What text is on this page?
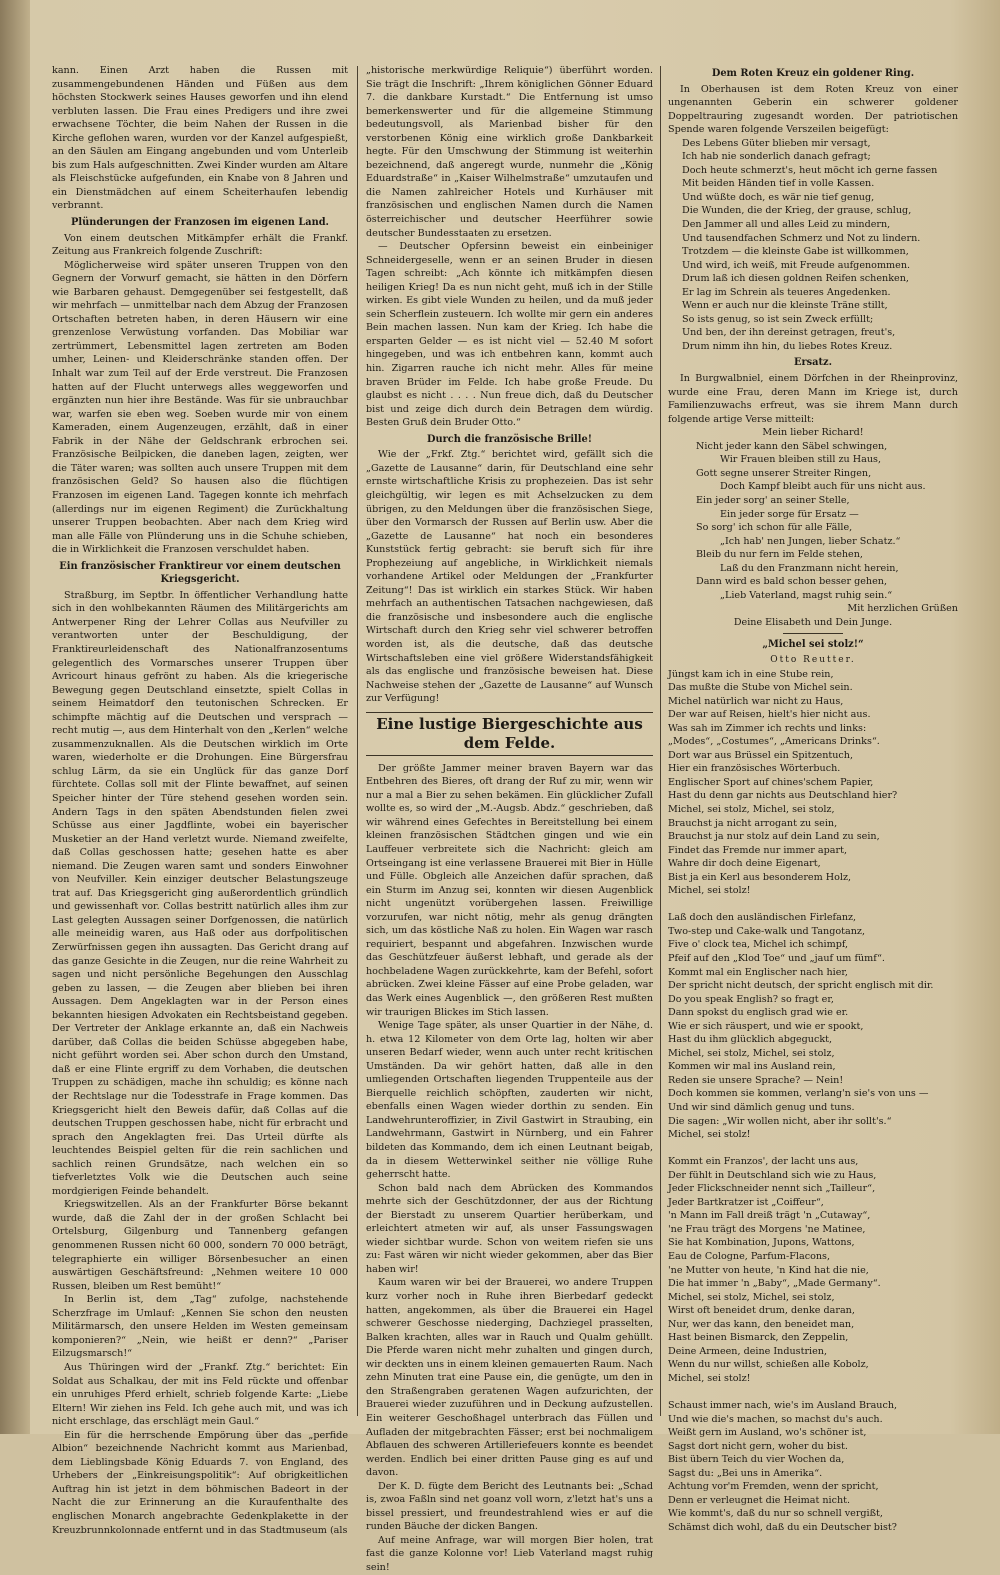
kann. Einen Arzt haben die Russen mit zusammengebundenen Händen und Füßen aus dem höchsten Stockwerk seines Hauses geworfen und ihn elend verbluten lassen. Die Frau eines Predigers und ihre zwei erwachsene Töchter, die beim Nahen der Russen in die Kirche geflohen waren, wurden vor der Kanzel aufgespießt, an den Säulen am Eingang angebunden und vom Unterleib bis zum Hals aufgeschnitten. Zwei Kinder wurden am Altare als Fleischstücke aufgefunden, ein Knabe von 8 Jahren und ein Dienstmädchen auf einem Scheiterhaufen lebendig verbrannt.

Plünderungen der Franzosen im eigenen Land.

Von einem deutschen Mitkämpfer erhält die Frankf. Zeitung aus Frankreich folgende Zuschrift:

Möglicherweise wird später unseren Truppen von den Gegnern der Vorwurf gemacht, sie hätten in den Dörfern wie Barbaren gehaust. Demgegenüber sei festgestellt, daß wir mehrfach — unmittelbar nach dem Abzug der Franzosen Ortschaften betreten haben, in deren Häusern wir eine grenzenlose Verwüstung vorfanden. Das Mobiliar war zertrümmert, Lebensmittel lagen zertreten am Boden umher, Leinen- und Kleiderschränke standen offen. Der Inhalt war zum Teil auf der Erde verstreut. Die Franzosen hatten auf der Flucht unterwegs alles weggeworfen und ergänzten nun hier ihre Bestände. Was für sie unbrauchbar war, warfen sie eben weg. Soeben wurde mir von einem Kameraden, einem Augenzeugen, erzählt, daß in einer Fabrik in der Nähe der Geldschrank erbrochen sei. Französische Beilpicken, die daneben lagen, zeigten, wer die Täter waren; was sollten auch unsere Truppen mit dem französischen Geld? So hausen also die flüchtigen Franzosen im eigenen Land. Tagegen konnte ich mehrfach (allerdings nur im eigenen Regiment) die Zurückhaltung unserer Truppen beobachten. Aber nach dem Krieg wird man alle Fälle von Plünderung uns in die Schuhe schieben, die in Wirklichkeit die Franzosen verschuldet haben.

Ein französischer Franktireur vor einem deutschen Kriegsgericht.

Straßburg, im Septbr. In öffentlicher Verhandlung hatte sich in den wohlbekannten Räumen des Militärgerichts am Antwerpener Ring der Lehrer Collas aus Neufviller zu verantworten unter der Beschuldigung, der Franktireurleidenschaft des Nationalfranzosentums gelegentlich des Vormarsches unserer Truppen über Avricourt hinaus gefrönt zu haben. Als die kriegerische Bewegung gegen Deutschland einsetzte, spielt Collas in seinem Heimatdorf den teutonischen Schrecken. Er schimpfte mächtig auf die Deutschen und versprach — recht mutig —, aus dem Hinterhalt von den „Kerlen“ welche zusammenzuknallen. Als die Deutschen wirklich im Orte waren, wiederholte er die Drohungen. Eine Bürgersfrau schlug Lärm, da sie ein Unglück für das ganze Dorf fürchtete. Collas soll mit der Flinte bewaffnet, auf seinen Speicher hinter der Türe stehend gesehen worden sein. Andern Tags in den späten Abendstunden fielen zwei Schüsse aus einer Jagdflinte, wobei ein bayerischer Musketier an der Hand verletzt wurde. Niemand zweifelte, daß Collas geschossen hatte; gesehen hatte es aber niemand. Die Zeugen waren samt und sonders Einwohner von Neufviller. Kein einziger deutscher Belastungszeuge trat auf. Das Kriegsgericht ging außerordentlich gründlich und gewissenhaft vor. Collas bestritt natürlich alles ihm zur Last gelegten Aussagen seiner Dorfgenossen, die natürlich alle meineidig waren, aus Haß oder aus dorfpolitischen Zerwürfnissen gegen ihn aussagten. Das Gericht drang auf das ganze Gesichte in die Zeugen, nur die reine Wahrheit zu sagen und nicht persönliche Begehungen den Ausschlag geben zu lassen, — die Zeugen aber blieben bei ihren Aussagen. Dem Angeklagten war in der Person eines bekannten hiesigen Advokaten ein Rechtsbeistand gegeben. Der Vertreter der Anklage erkannte an, daß ein Nachweis darüber, daß Collas die beiden Schüsse abgegeben habe, nicht geführt worden sei. Aber schon durch den Umstand, daß er eine Flinte ergriff zu dem Vorhaben, die deutschen Truppen zu schädigen, mache ihn schuldig; es könne nach der Rechtslage nur die Todesstrafe in Frage kommen. Das Kriegsgericht hielt den Beweis dafür, daß Collas auf die deutschen Truppen geschossen habe, nicht für erbracht und sprach den Angeklagten frei. Das Urteil dürfte als leuchtendes Beispiel gelten für die rein sachlichen und sachlich reinen Grundsätze, nach welchen ein so tiefverletztes Volk wie die Deutschen auch seine mordgierigen Feinde behandelt.

Kriegswitzellen. Als an der Frankfurter Börse bekannt wurde, daß die Zahl der in der großen Schlacht bei Ortelsburg, Gilgenburg und Tannenberg gefangen genommenen Russen nicht 60 000, sondern 70 000 beträgt, telegraphierte ein williger Börsenbesucher an einen auswärtigen Geschäftsfreund: „Nehmen weitere 10 000 Russen, bleiben um Rest bemüht!“

In Berlin ist, dem „Tag“ zufolge, nachstehende Scherzfrage im Umlauf: „Kennen Sie schon den neusten Militärmarsch, den unsere Helden im Westen gemeinsam komponieren?“ „Nein, wie heißt er denn?“ „Pariser Eilzugsmarsch!“

Aus Thüringen wird der „Frankf. Ztg.“ berichtet: Ein Soldat aus Schalkau, der mit ins Feld rückte und offenbar ein unruhiges Pferd erhielt, schrieb folgende Karte: „Liebe Eltern! Wir ziehen ins Feld. Ich gehe auch mit, und was ich nicht erschlage, das erschlägt mein Gaul.“

Ein für die herrschende Empörung über das „perfide Albion“ bezeichnende Nachricht kommt aus Marienbad, dem Lieblingsbade König Eduards 7. von England, des Urhebers der „Einkreisungspolitik“: Auf obrigkeitlichen Auftrag hin ist jetzt in dem böhmischen Badeort in der Nacht die zur Erinnerung an die Kuraufenthalte des englischen Monarch angebrachte Gedenkplakette in der Kreuzbrunnkolonnade entfernt und in das Stadtmuseum (als

„historische merkwürdige Reliquie“) überführt worden. Sie trägt die Inschrift: „Ihrem königlichen Gönner Eduard 7. die dankbare Kurstadt.“ Die Entfernung ist umso bemerkenswerter und für die allgemeine Stimmung bedeutungsvoll, als Marienbad bisher für den verstorbenen König eine wirklich große Dankbarkeit hegte. Für den Umschwung der Stimmung ist weiterhin bezeichnend, daß angeregt wurde, nunmehr die „König Eduardstraße“ in „Kaiser Wilhelmstraße“ umzutaufen und die Namen zahlreicher Hotels und Kurhäuser mit französischen und englischen Namen durch die Namen österreichischer und deutscher Heerführer sowie deutscher Bundesstaaten zu ersetzen.

— Deutscher Opfersinn beweist ein einbeiniger Schneidergeselle, wenn er an seinen Bruder in diesen Tagen schreibt: „Ach könnte ich mitkämpfen diesen heiligen Krieg! Da es nun nicht geht, muß ich in der Stille wirken. Es gibt viele Wunden zu heilen, und da muß jeder sein Scherflein zusteuern. Ich wollte mir gern ein anderes Bein machen lassen. Nun kam der Krieg. Ich habe die ersparten Gelder — es ist nicht viel — 52.40 M sofort hingegeben, und was ich entbehren kann, kommt auch hin. Zigarren rauche ich nicht mehr. Alles für meine braven Brüder im Felde. Ich habe große Freude. Du glaubst es nicht . . . . Nun freue dich, daß du Deutscher bist und zeige dich durch dein Betragen dem würdig. Besten Gruß dein Bruder Otto.“

Durch die französische Brille!

Wie der „Frkf. Ztg.“ berichtet wird, gefällt sich die „Gazette de Lausanne“ darin, für Deutschland eine sehr ernste wirtschaftliche Krisis zu prophezeien. Das ist sehr gleichgültig, wir legen es mit Achselzucken zu dem übrigen, zu den Meldungen über die französischen Siege, über den Vormarsch der Russen auf Berlin usw. Aber die „Gazette de Lausanne“ hat noch ein besonderes Kunststück fertig gebracht: sie beruft sich für ihre Prophezeiung auf angebliche, in Wirklichkeit niemals vorhandene Artikel oder Meldungen der „Frankfurter Zeitung“! Das ist wirklich ein starkes Stück. Wir haben mehrfach an authentischen Tatsachen nachgewiesen, daß die französische und insbesondere auch die englische Wirtschaft durch den Krieg sehr viel schwerer betroffen worden ist, als die deutsche, daß das deutsche Wirtschaftsleben eine viel größere Widerstandsfähigkeit als das englische und französische beweisen hat. Diese Nachweise stehen der „Gazette de Lausanne“ auf Wunsch zur Verfügung!

Eine lustige Biergeschichte aus dem Felde.

Der größte Jammer meiner braven Bayern war das Entbehren des Bieres, oft drang der Ruf zu mir, wenn wir nur a mal a Bier zu sehen bekämen. Ein glücklicher Zufall wollte es, so wird der „M.-Augsb. Abdz.“ geschrieben, daß wir während eines Gefechtes in Bereitstellung bei einem kleinen französischen Städtchen gingen und wie ein Lauffeuer verbreitete sich die Nachricht: gleich am Ortseingang ist eine verlassene Brauerei mit Bier in Hülle und Fülle. Obgleich alle Anzeichen dafür sprachen, daß ein Sturm im Anzug sei, konnten wir diesen Augenblick nicht ungenützt vorübergehen lassen. Freiwillige vorzurufen, war nicht nötig, mehr als genug drängten sich, um das köstliche Naß zu holen. Ein Wagen war rasch requiriert, bespannt und abgefahren. Inzwischen wurde das Geschützfeuer äußerst lebhaft, und gerade als der hochbeladene Wagen zurückkehrte, kam der Befehl, sofort abrücken. Zwei kleine Fässer auf eine Probe geladen, war das Werk eines Augenblick —, den größeren Rest mußten wir traurigen Blickes im Stich lassen.

Wenige Tage später, als unser Quartier in der Nähe, d. h. etwa 12 Kilometer von dem Orte lag, holten wir aber unseren Bedarf wieder, wenn auch unter recht kritischen Umständen. Da wir gehört hatten, daß alle in den umliegenden Ortschaften liegenden Truppenteile aus der Bierquelle reichlich schöpften, zauderten wir nicht, ebenfalls einen Wagen wieder dorthin zu senden. Ein Landwehrunteroffizier, in Zivil Gastwirt in Straubing, ein Landwehrmann, Gastwirt in Nürnberg, und ein Fahrer bildeten das Kommando, dem ich einen Leutnant beigab, da in diesem Wetterwinkel seither nie völlige Ruhe geherrscht hatte.

Schon bald nach dem Abrücken des Kommandos mehrte sich der Geschützdonner, der aus der Richtung der Bierstadt zu unserem Quartier herüberkam, und erleichtert atmeten wir auf, als unser Fassungswagen wieder sichtbar wurde. Schon von weitem riefen sie uns zu: Fast wären wir nicht wieder gekommen, aber das Bier haben wir!

Kaum waren wir bei der Brauerei, wo andere Truppen kurz vorher noch in Ruhe ihren Bierbedarf gedeckt hatten, angekommen, als über die Brauerei ein Hagel schwerer Geschosse niederging, Dachziegel prasselten, Balken krachten, alles war in Rauch und Qualm gehüllt. Die Pferde waren nicht mehr zuhalten und gingen durch, wir deckten uns in einem kleinen gemauerten Raum. Nach zehn Minuten trat eine Pause ein, die genügte, um den in den Straßengraben geratenen Wagen aufzurichten, der Brauerei wieder zuzuführen und in Deckung aufzustellen. Ein weiterer Geschoßhagel unterbrach das Füllen und Aufladen der mitgebrachten Fässer; erst bei nochmaligem Abflauen des schweren Artilleriefeuers konnte es beendet werden. Endlich bei einer dritten Pause ging es auf und davon.

Der K. D. fügte dem Bericht des Leutnants bei: „Schad is, zwoa Faßln sind net goanz voll worn, z'letzt hat's uns a bissel pressiert, und freundestrahlend wies er auf die runden Bäuche der dicken Bangen.

Auf meine Anfrage, war will morgen Bier holen, trat fast die ganze Kolonne vor! Lieb Vaterland magst ruhig sein!

Dem Roten Kreuz ein goldener Ring.

In Oberhausen ist dem Roten Kreuz von einer ungenannten Geberin ein schwerer goldener Doppeltrauring zugesandt worden. Der patriotischen Spende waren folgende Verszeilen beigefügt:

Des Lebens Güter blieben mir versagt,
Ich hab nie sonderlich danach gefragt;
Doch heute schmerzt's, heut möcht ich gerne fassen
Mit beiden Händen tief in volle Kassen.
Und wüßte doch, es wär nie tief genug,
Die Wunden, die der Krieg, der grause, schlug,
Den Jammer all und alles Leid zu mindern,
Und tausendfachen Schmerz und Not zu lindern.
Trotzdem — die kleinste Gabe ist willkommen,
Und wird, ich weiß, mit Freude aufgenommen.
Drum laß ich diesen goldnen Reifen schenken,
Er lag im Schrein als teueres Angedenken.
Wenn er auch nur die kleinste Träne stillt,
So ists genug, so ist sein Zweck erfüllt;
Und ben, der ihn dereinst getragen, freut's,
Drum nimm ihn hin, du liebes Rotes Kreuz.
Ersatz.

In Burgwalbniel, einem Dörfchen in der Rheinprovinz, wurde eine Frau, deren Mann im Kriege ist, durch Familienzuwachs erfreut, was sie ihrem Mann durch folgende artige Verse mitteilt:

Mein lieber Richard!
Nicht jeder kann den Säbel schwingen,
Wir Frauen bleiben still zu Haus,
Gott segne unserer Streiter Ringen,
Doch Kampf bleibt auch für uns nicht aus.
Ein jeder sorg' an seiner Stelle,
Ein jeder sorge für Ersatz —
So sorg' ich schon für alle Fälle,
„Ich hab' nen Jungen, lieber Schatz.“
Bleib du nur fern im Felde stehen,
Laß du den Franzmann nicht herein,
Dann wird es bald schon besser gehen,
„Lieb Vaterland, magst ruhig sein.“
Mit herzlichen Grüßen
Deine Elisabeth und Dein Junge.
„Michel sei stolz!“
Otto Reutter.
Jüngst kam ich in eine Stube rein,
Das mußte die Stube von Michel sein.
Michel natürlich war nicht zu Haus,
Der war auf Reisen, hielt's hier nicht aus.
Was sah im Zimmer ich rechts und links:
„Modes“, „Costumes“, „Americans Drinks“.
Dort war aus Brüssel ein Spitzentuch,
Hier ein französisches Wörterbuch.
Englischer Sport auf chines'schem Papier,
Hast du denn gar nichts aus Deutschland hier?
Michel, sei stolz, Michel, sei stolz,
Brauchst ja nicht arrogant zu sein,
Brauchst ja nur stolz auf dein Land zu sein,
Findet das Fremde nur immer apart,
Wahre dir doch deine Eigenart,
Bist ja ein Kerl aus besonderem Holz,
Michel, sei stolz!

Laß doch den ausländischen Firlefanz,
Two-step und Cake-walk und Tangotanz,
Five o' clock tea, Michel ich schimpf,
Pfeif auf den „Klod Toe“ und „jauf um fümf“.
Kommt mal ein Englischer nach hier,
Der spricht nicht deutsch, der spricht englisch mit dir.
Do you speak English? so fragt er,
Dann spokst du englisch grad wie er.
Wie er sich räuspert, und wie er spookt,
Hast du ihm glücklich abgeguckt,
Michel, sei stolz, Michel, sei stolz,
Kommen wir mal ins Ausland rein,
Reden sie unsere Sprache? — Nein!
Doch kommen sie kommen, verlang'n sie's von uns —
Und wir sind dämlich genug und tuns.
Die sagen: „Wir wollen nicht, aber ihr sollt's.“
Michel, sei stolz!

Kommt ein Franzos', der lacht uns aus,
Der fühlt in Deutschland sich wie zu Haus,
Jeder Flickschneider nennt sich „Tailleur“,
Jeder Bartkratzer ist „Coiffeur“,
'n Mann im Fall dreiß trägt 'n „Cutaway“,
'ne Frau trägt des Morgens 'ne Matinee,
Sie hat Kombination, Jupons, Wattons,
Eau de Cologne, Parfum-Flacons,
'ne Mutter von heute, 'n Kind hat die nie,
Die hat immer 'n „Baby“, „Made Germany“.
Michel, sei stolz, Michel, sei stolz,
Wirst oft beneidet drum, denke daran,
Nur, wer das kann, den beneidet man,
Hast beinen Bismarck, den Zeppelin,
Deine Armeen, deine Industrien,
Wenn du nur willst, schießen alle Kobolz,
Michel, sei stolz!

Schaust immer nach, wie's im Ausland Brauch,
Und wie die's machen, so machst du's auch.
Weißt gern im Ausland, wo's schöner ist,
Sagst dort nicht gern, woher du bist.
Bist übern Teich du vier Wochen da,
Sagst du: „Bei uns in Amerika“.
Achtung vor'm Fremden, wenn der spricht,
Denn er verleugnet die Heimat nicht.
Wie kommt's, daß du nur so schnell vergißt,
Schämst dich wohl, daß du ein Deutscher bist?
